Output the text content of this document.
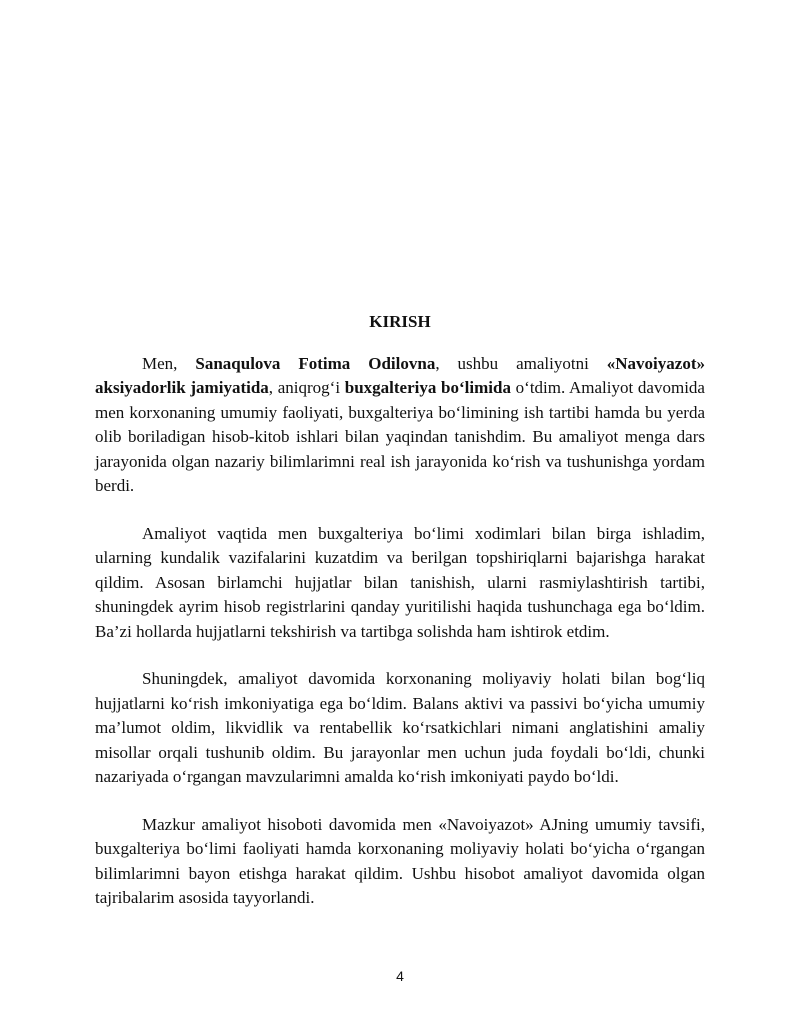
KIRISH

Men, Sanaqulova Fotima Odilovna, ushbu amaliyotni «Navoiyazot» aksiyadorlik jamiyatida, aniqrog‘i buxgalteriya bo‘limida o‘tdim. Amaliyot davomida men korxonaning umumiy faoliyati, buxgalteriya bo‘limining ish tartibi hamda bu yerda olib boriladigan hisob-kitob ishlari bilan yaqindan tanishdim. Bu amaliyot menga dars jarayonida olgan nazariy bilimlarimni real ish jarayonida ko‘rish va tushunishga yordam berdi.

Amaliyot vaqtida men buxgalteriya bo‘limi xodimlari bilan birga ishladim, ularning kundalik vazifalarini kuzatdim va berilgan topshiriqlarni bajarishga harakat qildim. Asosan birlamchi hujjatlar bilan tanishish, ularni rasmiylashtirish tartibi, shuningdek ayrim hisob registrlarini qanday yuritilishi haqida tushunchaga ega bo‘ldim. Ba’zi hollarda hujjatlarni tekshirish va tartibga solishda ham ishtirok etdim.

Shuningdek, amaliyot davomida korxonaning moliyaviy holati bilan bog‘liq hujjatlarni ko‘rish imkoniyatiga ega bo‘ldim. Balans aktivi va passivi bo‘yicha umumiy ma’lumot oldim, likvidlik va rentabellik ko‘rsatkichlari nimani anglatishini amaliy misollar orqali tushunib oldim. Bu jarayonlar men uchun juda foydali bo‘ldi, chunki nazariyada o‘rgangan mavzularimni amalda ko‘rish imkoniyati paydo bo‘ldi.

Mazkur amaliyot hisoboti davomida men «Navoiyazot» AJning umumiy tavsifi, buxgalteriya bo‘limi faoliyati hamda korxonaning moliyaviy holati bo‘yicha o‘rgangan bilimlarimni bayon etishga harakat qildim. Ushbu hisobot amaliyot davomida olgan tajribalarim asosida tayyorlandi.

4
